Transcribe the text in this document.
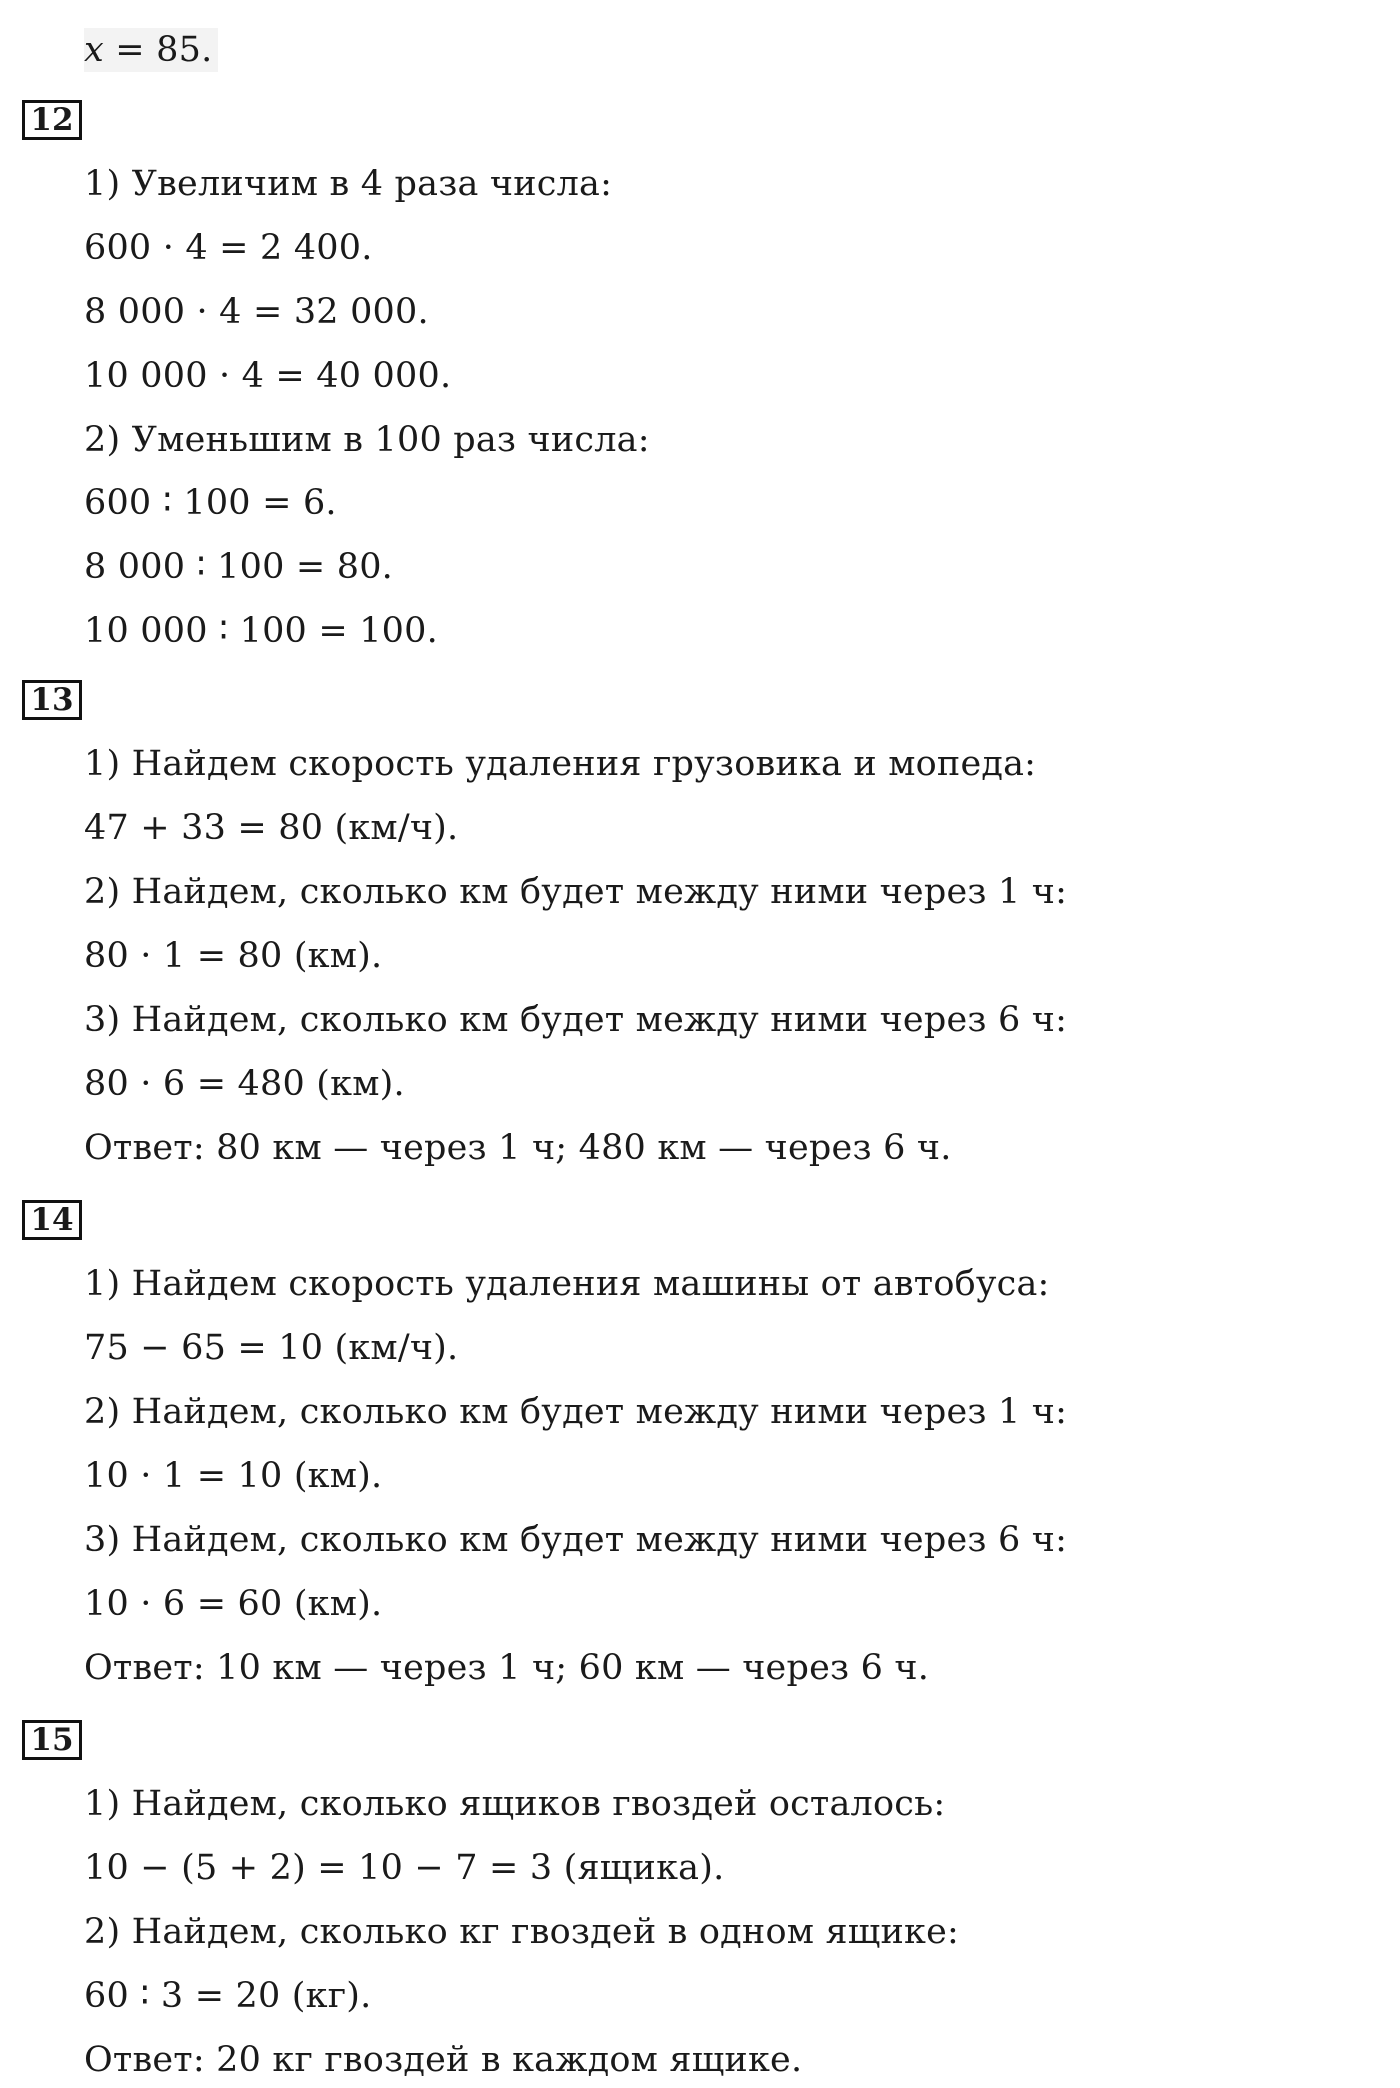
x = 85.
12
1) Увеличим в 4 раза числа:
600 · 4 = 2 400.
8 000 · 4 = 32 000.
10 000 · 4 = 40 000.
2) Уменьшим в 100 раз числа:
600 ∶ 100 = 6.
8 000 ∶ 100 = 80.
10 000 ∶ 100 = 100.
13
1) Найдем скорость удаления грузовика и мопеда:
47 + 33 = 80 (км/ч).
2) Найдем, сколько км будет между ними через 1 ч:
80 · 1 = 80 (км).
3) Найдем, сколько км будет между ними через 6 ч:
80 · 6 = 480 (км).
Ответ: 80 км — через 1 ч; 480 км — через 6 ч.
14
1) Найдем скорость удаления машины от автобуса:
75 − 65 = 10 (км/ч).
2) Найдем, сколько км будет между ними через 1 ч:
10 · 1 = 10 (км).
3) Найдем, сколько км будет между ними через 6 ч:
10 · 6 = 60 (км).
Ответ: 10 км — через 1 ч; 60 км — через 6 ч.
15
1) Найдем, сколько ящиков гвоздей осталось:
10 − (5 + 2) = 10 − 7 = 3 (ящика).
2) Найдем, сколько кг гвоздей в одном ящике:
60 ∶ 3 = 20 (кг).
Ответ: 20 кг гвоздей в каждом ящике.
